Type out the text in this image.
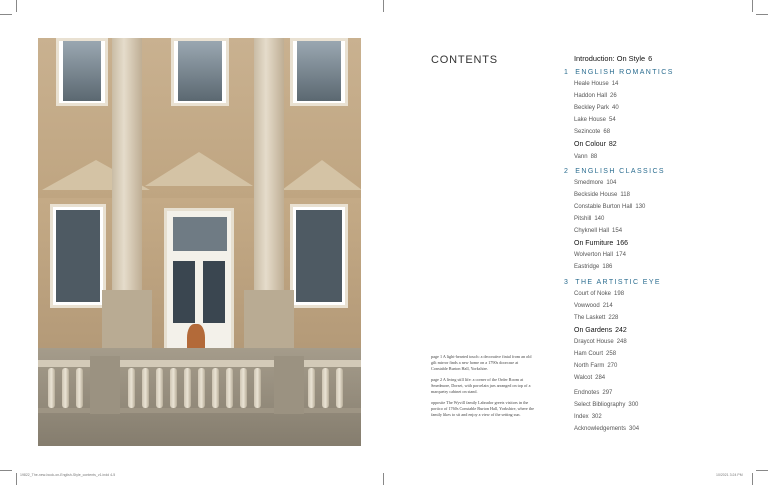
page 1 A light-hearted touch: a decorative finial from an old gilt mirror finds a new home on a 1790s doorcase at Constable Burton Hall, Yorkshire.

page 2 A living still life: a corner of the Order Room at Smedmore, Dorset, with porcelain jars arranged on top of a marquetry cabinet on stand.

opposite The Wyvill family Labrador greets visitors in the portico of 1760s Constable Burton Hall, Yorkshire, where the family likes to sit and enjoy a view of the setting sun.

CONTENTS	Introduction: On Style 6
1 ENGLISH ROMANTICS
Heale House 14
Haddon Hall 26
Beckley Park 40
Lake House 54
Sezincote 68
On Colour 82
Vann 88
2 ENGLISH CLASSICS
Smedmore 104
Beckside House 118
Constable Burton Hall 130
Pitshill 140
Chyknell Hall 154
On Furniture 166
Wolverton Hall 174
Eastridge 186
3 THE ARTISTIC EYE
Court of Noke 198
Vowwood 214
The Laskett 228
On Gardens 242
Draycot House 248
Ham Court 258
North Farm 270
Walcot 284
Endnotes 297
Select Bibliography 300
Index 302
Acknowledgements 304
19822_The-new-book-on-English-Style_contents_v1.indd 4-5	10/2021 3:24 PM
